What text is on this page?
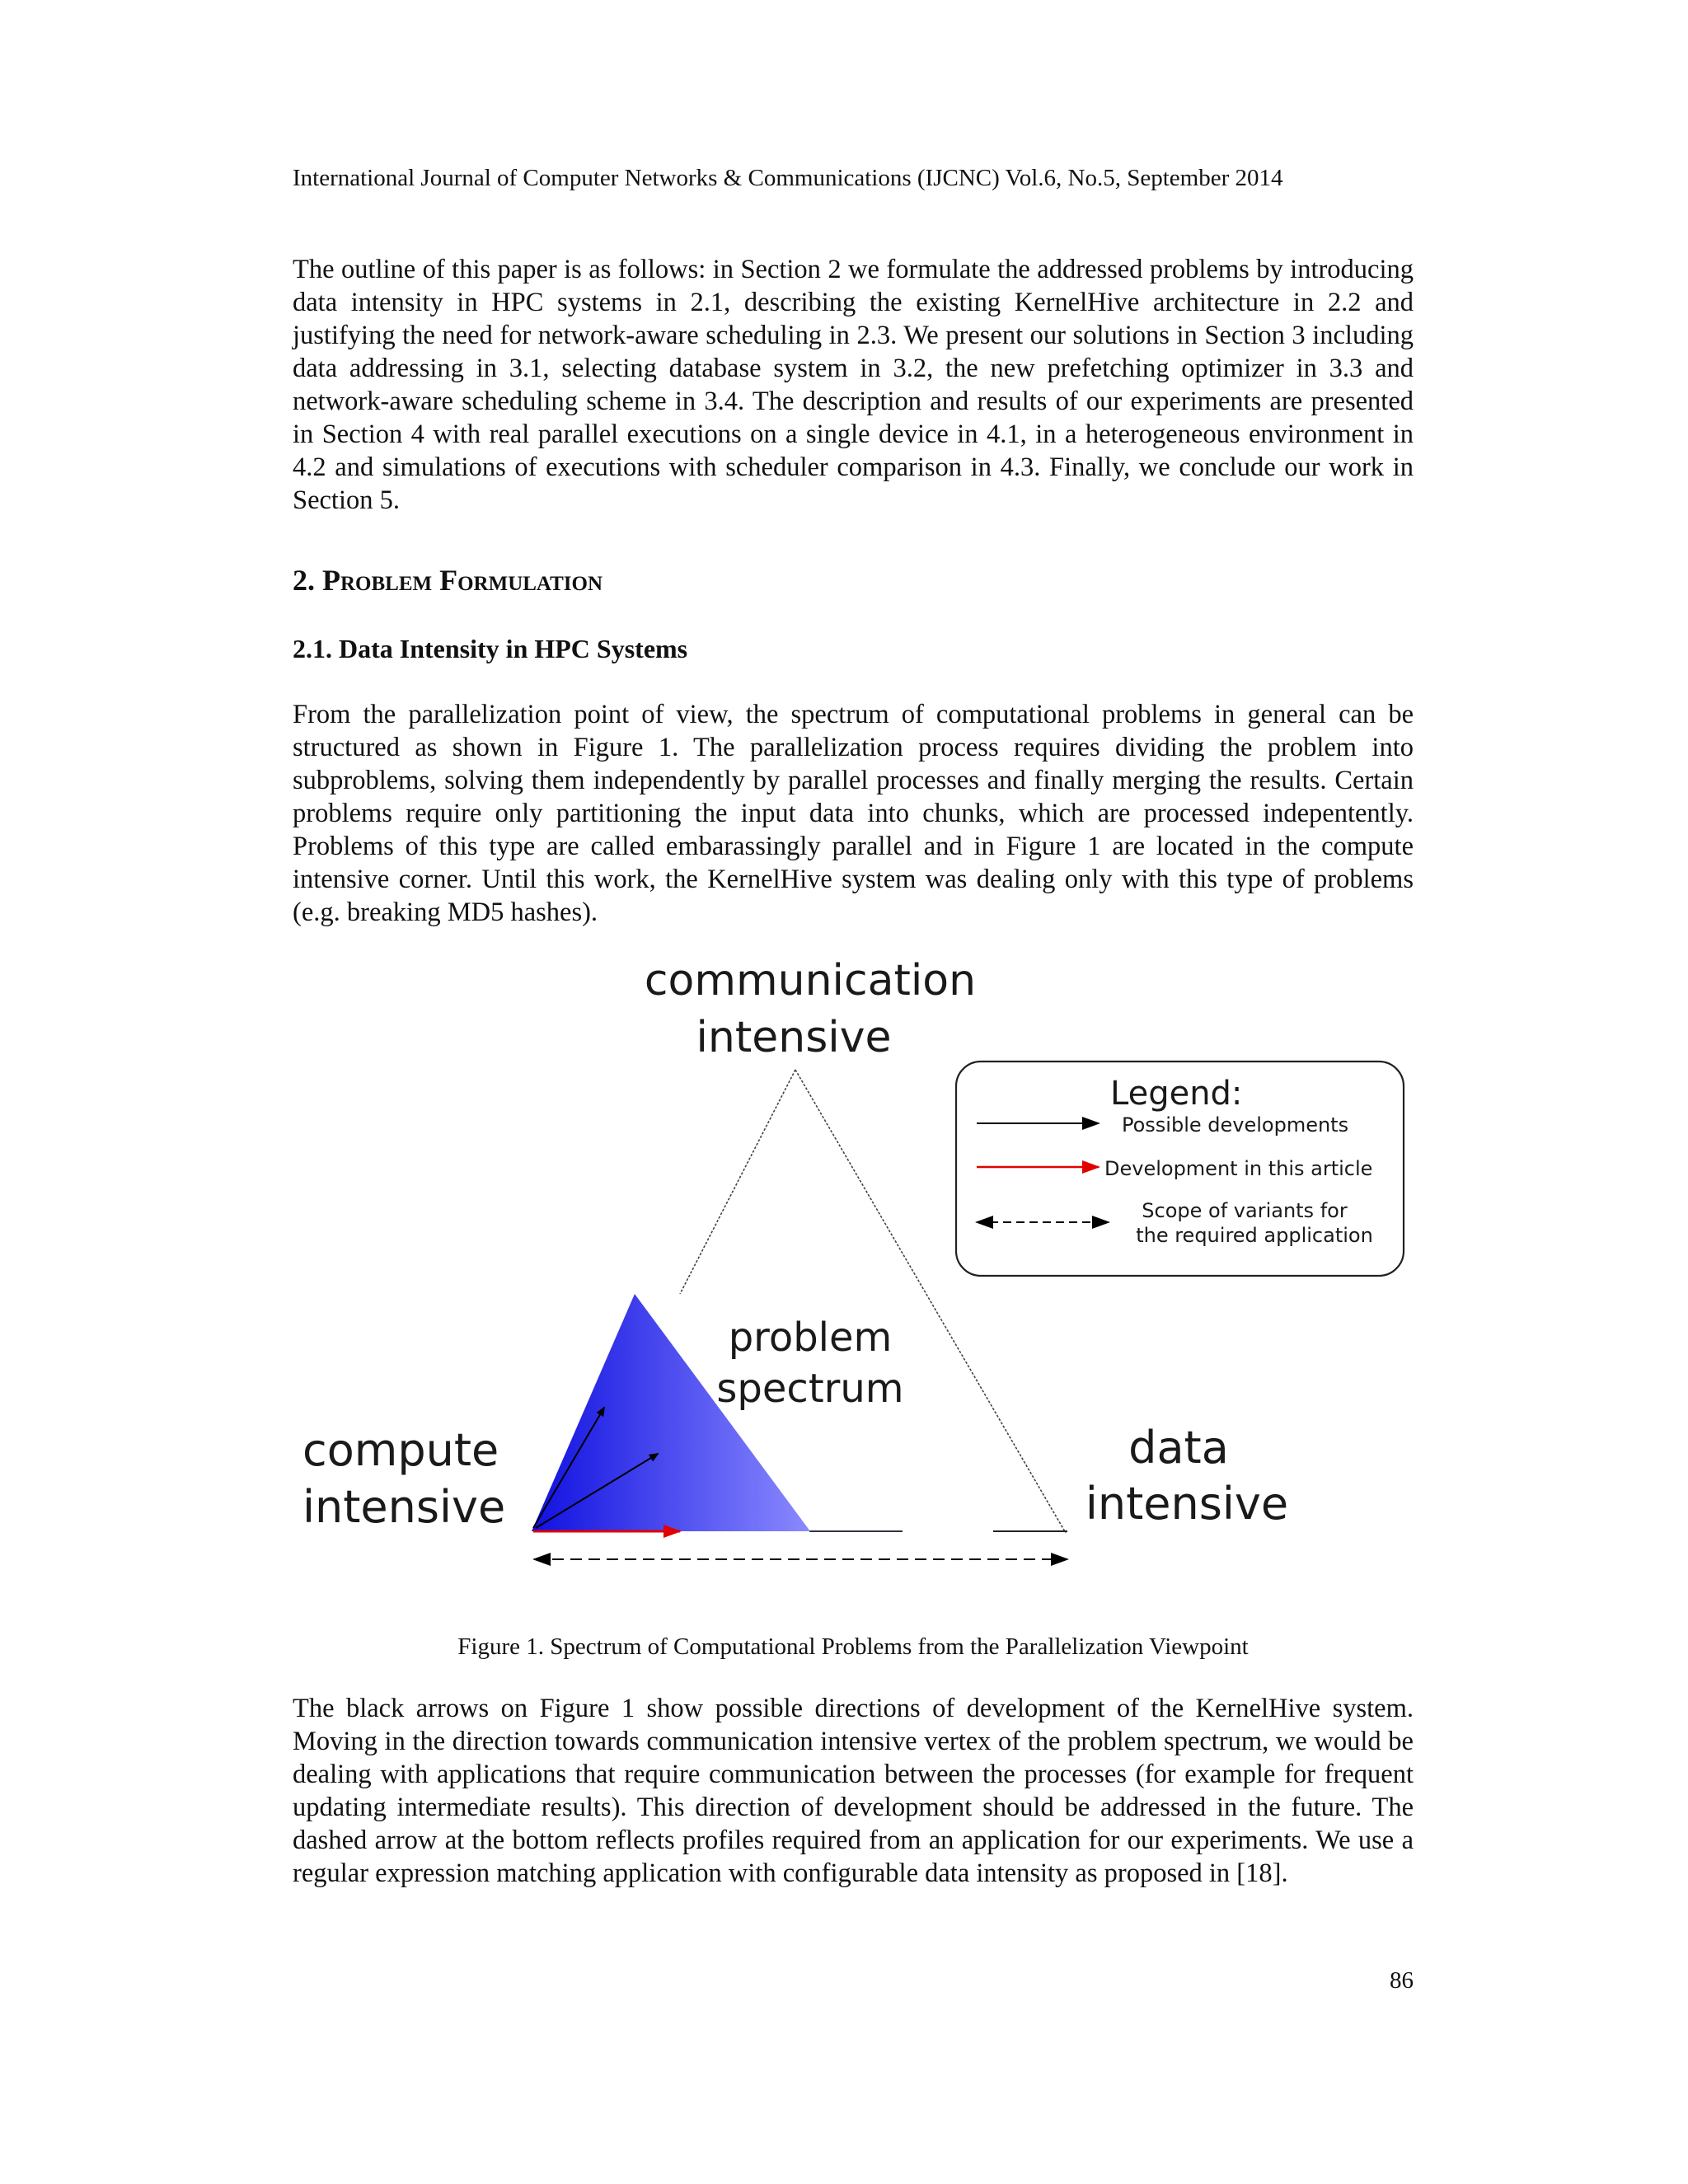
International Journal of Computer Networks & Communications (IJCNC) Vol.6, No.5, September 2014

The outline of this paper is as follows: in Section 2 we formulate the addressed problems by introducing data intensity in HPC systems in 2.1, describing the existing KernelHive architecture in 2.2 and justifying the need for network-aware scheduling in 2.3. We present our solutions in Section 3 including data addressing in 3.1, selecting database system in 3.2, the new prefetching optimizer in 3.3 and network-aware scheduling scheme in 3.4. The description and results of our experiments are presented in Section 4 with real parallel executions on a single device in 4.1, in a heterogeneous environment in 4.2 and simulations of executions with scheduler comparison in 4.3. Finally, we conclude our work in Section 5.

2. Problem Formulation
2.1. Data Intensity in HPC Systems

From the parallelization point of view, the spectrum of computational problems in general can be structured as shown in Figure 1. The parallelization process requires dividing the problem into subproblems, solving them independently by parallel processes and finally merging the results. Certain problems require only partitioning the input data into chunks, which are processed indepentently. Problems of this type are called embarassingly parallel and in Figure 1 are located in the compute intensive corner. Until this work, the KernelHive system was dealing only with this type of problems (e.g. breaking MD5 hashes).

communication
intensive
problem
spectrum
compute
intensive
data
intensive
Legend:
Possible developments
Development in this article
Scope of variants for
the required application
Figure 1. Spectrum of Computational Problems from the Parallelization Viewpoint

The black arrows on Figure 1 show possible directions of development of the KernelHive system. Moving in the direction towards communication intensive vertex of the problem spectrum, we would be dealing with applications that require communication between the processes (for example for frequent updating intermediate results). This direction of development should be addressed in the future. The dashed arrow at the bottom reflects profiles required from an application for our experiments. We use a regular expression matching application with configurable data intensity as proposed in [18].

86
